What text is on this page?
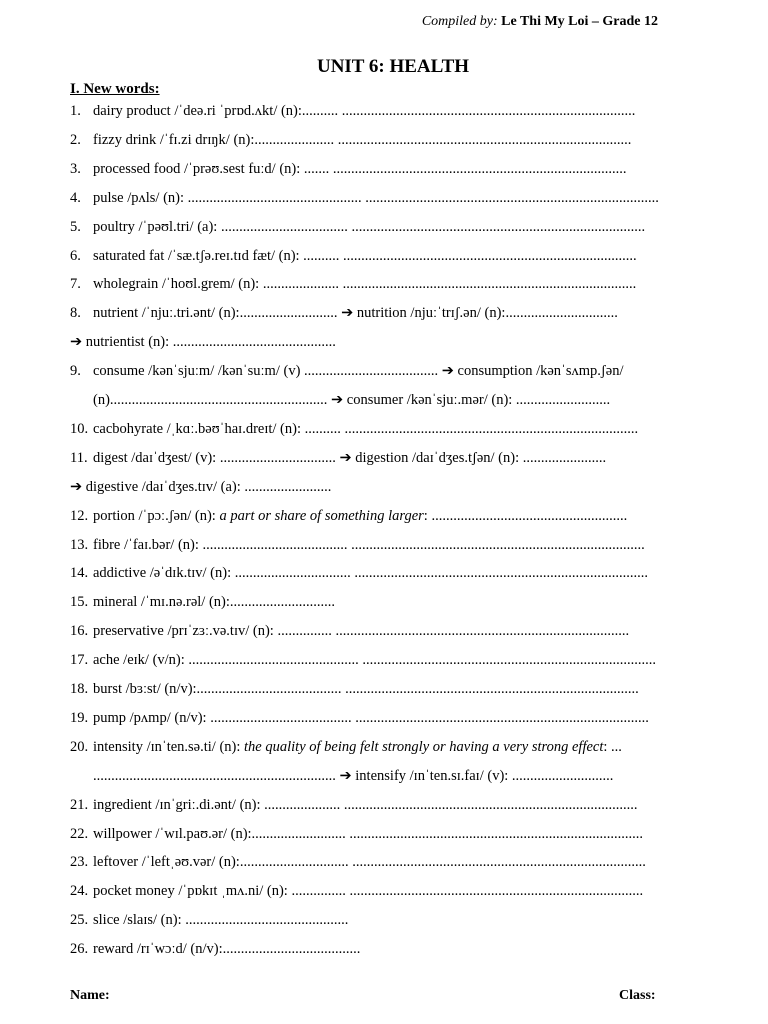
Compiled by: Le Thi My Loi – Grade 12
UNIT 6: HEALTH
I. New words:
1. dairy product /ˈdeə.ri ˈprɒd.ʌkt/ (n):.......... .................................................................................
2. fizzy drink /ˈfɪ.zi drɪŋk/ (n):...................... .................................................................................
3. processed food /ˈprəʊ.sest fuːd/ (n): ....... .................................................................................
4. pulse /pʌls/ (n): ................................................ .................................................................................
5. poultry /ˈpəʊl.tri/ (a): ................................... .................................................................................
6. saturated fat /ˈsæ.tʃə.reɪ.tɪd fæt/ (n): .......... .................................................................................
7. wholegrain /ˈhoʊl.grem/ (n): ..................... .................................................................................
8. nutrient /ˈnjuː.tri.ənt/ (n):........................... ➔ nutrition /njuːˈtrɪʃ.ən/ (n):...............................
➔ nutrientist (n): .............................................
9. consume /kənˈsjuːm/ /kənˈsuːm/ (v) ..................................... ➔ consumption /kənˈsʌmp.ʃən/
(n)............................................................ ➔ consumer /kənˈsjuː.mər/ (n): ..........................
10. cacbohyrate /ˌkɑː.bəʊˈhaɪ.dreɪt/ (n): .......... .................................................................................
11. digest /daɪˈdʒest/ (v): ................................ ➔ digestion /daɪˈdʒes.tʃən/ (n): .......................
➔ digestive /daɪˈdʒes.tɪv/ (a): ........................
12. portion /ˈpɔː.ʃən/ (n): a part or share of something larger: ......................................................
13. fibre /ˈfaɪ.bər/ (n): ........................................ .................................................................................
14. addictive /əˈdɪk.tɪv/ (n): ................................ .................................................................................
15. mineral /ˈmɪ.nə.rəl/ (n):.............................
16. preservative /prɪˈzɜː.və.tɪv/ (n): ............... .................................................................................
17. ache /eɪk/ (v/n): ............................................... .................................................................................
18. burst /bɜːst/ (n/v):........................................ .................................................................................
19. pump /pʌmp/ (n/v): ....................................... .................................................................................
20. intensity /ɪnˈten.sə.ti/ (n): the quality of being felt strongly or having a very strong effect: ...
................................................................... ➔ intensify /ɪnˈten.sɪ.faɪ/ (v): ............................
21. ingredient /ɪnˈgriː.di.ənt/ (n): ..................... .................................................................................
22. willpower /ˈwɪl.paʊ.ər/ (n):.......................... .................................................................................
23. leftover /ˈleftˌəʊ.vər/ (n):.............................. .................................................................................
24. pocket money /ˈpɒkɪt ˌmʌ.ni/ (n): ............... .................................................................................
25. slice /slaɪs/ (n): .............................................
26. reward /rɪˈwɔːd/ (n/v):......................................
Name:	Class:
